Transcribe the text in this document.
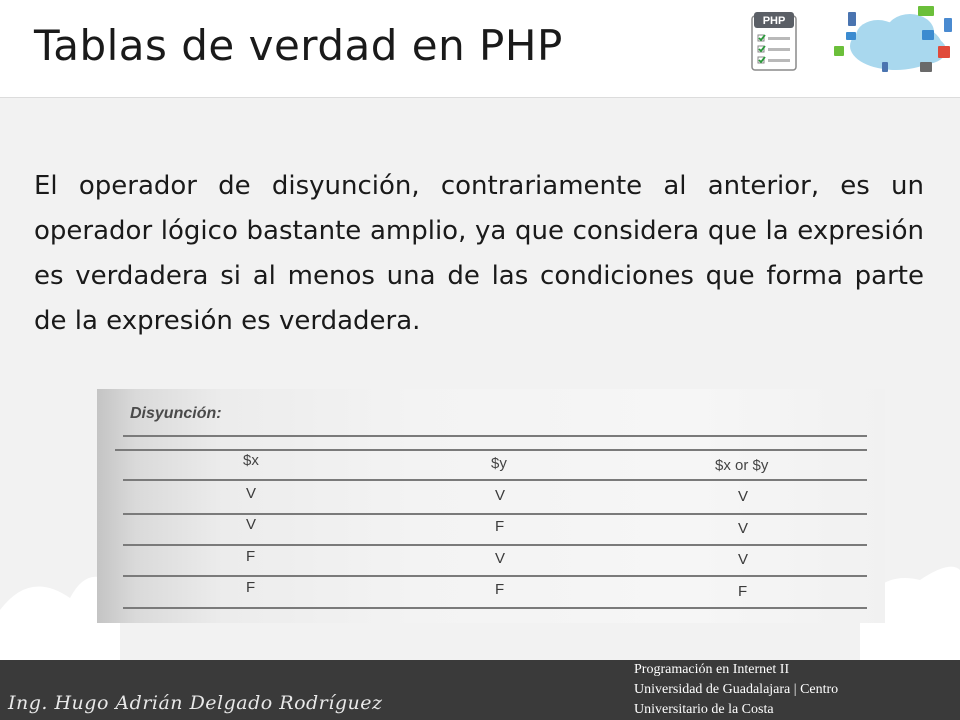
Tablas de verdad en PHP	PHP

El operador de disyunción, contrariamente al anterior, es un operador lógico bastante amplio, ya que considera que la expresión es verdadera si al menos una de las condiciones que forma parte de la expresión es verdadera.

Disyunción:
$x	$y	$x or $y
V	V	V
V	F	V
F	V	V
F	F	F
Ing. Hugo Adrián Delgado Rodríguez
Programación en Internet II
Universidad de Guadalajara | Centro
Universitario de la Costa
